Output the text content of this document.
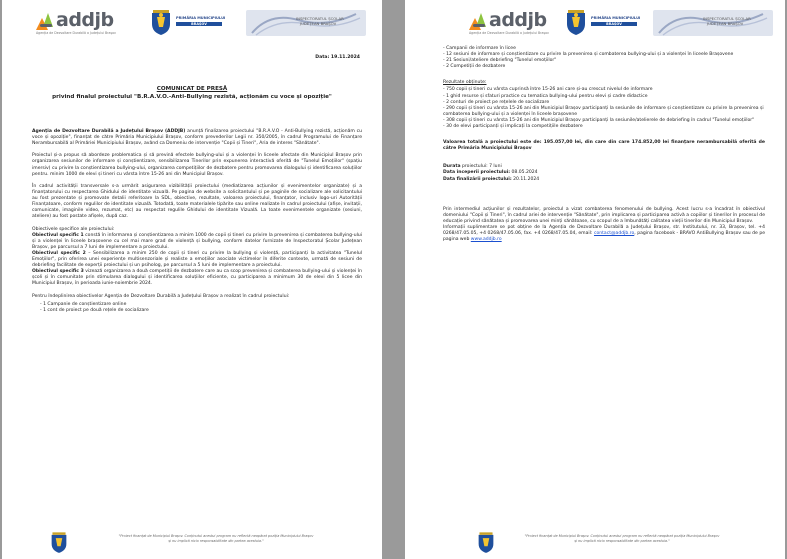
addjb
Agenția de Dezvoltare Durabilă a Județului Brașov
PRIMĂRIA MUNICIPIULUI
BRAȘOV
INSPECTORATUL ȘCOLAR
JUDEȚEAN BRAȘOV
Data: 19.11.2024
COMUNICAT DE PRESĂ
privind finalul proiectului "B.R.A.V.O.-Anti-Bullying rezistă, acționăm cu voce și opoziție"

Agenția de Dezvoltare Durabilă a Județului Brașov (ADDJB) anunță finalizarea proiectului "B.R.A.V.O - Anti-Bullying rezistă, acționăm cu voce și opoziție", finanțat de către Primăria Municipiului Brașov, conform prevederilor Legii nr. 350/2005, în cadrul Programului de Finanțare Nerambursabilă al Primăriei Municipiului Brașov, având ca Domeniu de intervenție "Copii și Tineri", Aria de interes "Sănătate".

Proiectul și-a propus să abordeze problematica și să prevină efectele bullying-ului și a violenței în liceele afectate din Municipiul Brașov prin organizarea sesiunilor de informare și conștientizare, sensibilizarea Tinerilor prin expunerea interactivă oferită de "Tunelul Emoțiilor" (spațiu imersiv) cu privire la conștientizarea bullying-ului, organizarea competițiilor de dezbatere pentru promovarea dialogului și identificarea soluțiilor pentru. minim 1000 de elevi și tineri cu vârsta între 15-26 ani din Municipiul Brașov.

În cadrul activității transversale s-a urmărit asigurarea vizibilității proiectului (mediatizarea acțiunilor și evenimentelor organizate) și a finanțatorului cu respectarea Ghidului de identitate vizuală. Pe pagina de website a solicitantului și pe paginile de socializare ale solicitantului au fost prezentate și promovate detalii referitoare la SDL, obiective, rezultate, valoarea proiectului, finanțator, inclusiv logo-uri Autorității Finanțatoare, conform regulilor de identitate vizuală. Totodată, toate materialele tipărite sau online realizate în cadrul proiectului (afișe, invitații, comunicate, imaginile video, rezumat, etc) au respectat regulile Ghidului de identitate Vizuală. La toate evenimentele organizate (sesiuni, ateliere) au fost postate afișele, după caz.

Obiectivele specifice ale proiectului:

Obiectivul specific 1 constă în informarea și conștientizarea a minim 1000 de copii și tineri cu privire la prevenirea și combaterea bullying-ului și a violenței în liceele brașovene cu cel mai mare grad de violență și bullying, conform datelor furnizate de Inspectoratul Școlar Județean Brașov, pe parcursul a 7 luni de implementare a proiectului.

Obiectivul specific 2 – Sensibilizarea a minim 250 de copii și tineri cu privire la bullying și violență, participanți la activitatea "Tunelul Emoțiilor", prin oferirea unei experiențe multisenzoriale și realiste a emoțiilor asociate victimelor în diferite contexte, urmată de sesiuni de debriefing facilitate de experții proiectului și un psiholog, pe parcursul a 5 luni de implementare a proiectului.

Obiectivul specific 3 vizează organizarea a două competiții de dezbatere care au ca scop prevenirea și combaterea bullying-ului și violenței în școli și în comunitate prin stimularea dialogului și identificarea soluțiilor eficiente, cu participarea a minimum 30 de elevi din 5 licee din Municipiul Brașov, în perioada iunie-noiembrie 2024.

Pentru îndeplinirea obiectivelor Agenția de Dezvoltare Durabilă a Județului Brașov a realizat în cadrul proiectului:

- 1 Campanie de conștientizare online
- 1 cont de proiect pe două rețele de socializare
"Proiect finanțat de Municipiul Brașov. Conținutul acestui program nu reflectă neapărat poziția Municipiului Brașov
și nu implică nicio responsabilitate din partea acestuia."
addjb
Agenția de Dezvoltare Durabilă a Județului Brașov
PRIMĂRIA MUNICIPIULUI
BRAȘOV
INSPECTORATUL ȘCOLAR
JUDEȚEAN BRAȘOV
- Campanii de informare în licee
- 12 sesiuni de informare și conștientizare cu privire la prevenirea și combaterea bullying-ului și a violenței în liceele Brașovene
- 21 Sesiuni/ateliere debriefing "Tunelul emoțiilor"
- 2 Competiții de dezbatere

Rezultate obținute:

- 750 copii și tineri cu vârsta cuprinsă între 15-26 ani care și-au crescut nivelul de informare
- 1 ghid resurse și sfaturi practice cu tematica bullying-ului pentru elevi și cadre didactice
- 2 conturi de proiect pe rețelele de socializare
- 290 copii și tineri cu vârsta 15-26 ani din Municipiul Brașov participanți la sesiunile de informare și conștientizare cu privire la prevenirea și combaterea bullying-ului și a violenței în liceele brașovene
- 308 copii și tineri cu vârsta 15-26 ani din Municipiul Brașov participanți la sesiunile/atelierele de debriefing în cadrul "Tunelul emoțiilor"
- 30 de elevi participanți și implicați la competițiile dezbatere

Valoarea totală a proiectului este de: 195.057,00 lei, din care din care 174.852,00 lei finanțare nerambursabilă oferită de către Primăria Municipiului Brașov

Durata proiectului: 7 luni
Data începerii proiectului: 08.05.2024
Data finalizării proiectului: 20.11.2024

Prin intermediul acțiunilor și rezultatelor, proiectul a vizat combaterea fenomenului de bullying. Acest lucru s-a încadrat în obiectivul domeniului "Copii și Tineri", în cadrul ariei de intervenție "Sănătate", prin implicarea și participarea activă a copiilor și tinerilor în procesul de educație privind sănătatea și promovarea unei minți sănătoase, cu scopul de a îmbunătăți calitatea vieții tinerilor din Municipiul Brașov.

Informații suplimentare se pot obține de la Agenția de Dezvoltare Durabilă a Județului Brașov, str. Institutului, nr. 33, Brașov, tel. +4 0268/47.05.05, +4 0268/47.05.06, fax. +4 0268/47.05.04, email: contact@addjb.ro, pagina facebook - BRAVO AntiBullying Brașov sau de pe pagina web www.addjb.ro

"Proiect finanțat de Municipiul Brașov. Conținutul acestui program nu reflectă neapărat poziția Municipiului Brașov
și nu implică nicio responsabilitate din partea acestuia."
